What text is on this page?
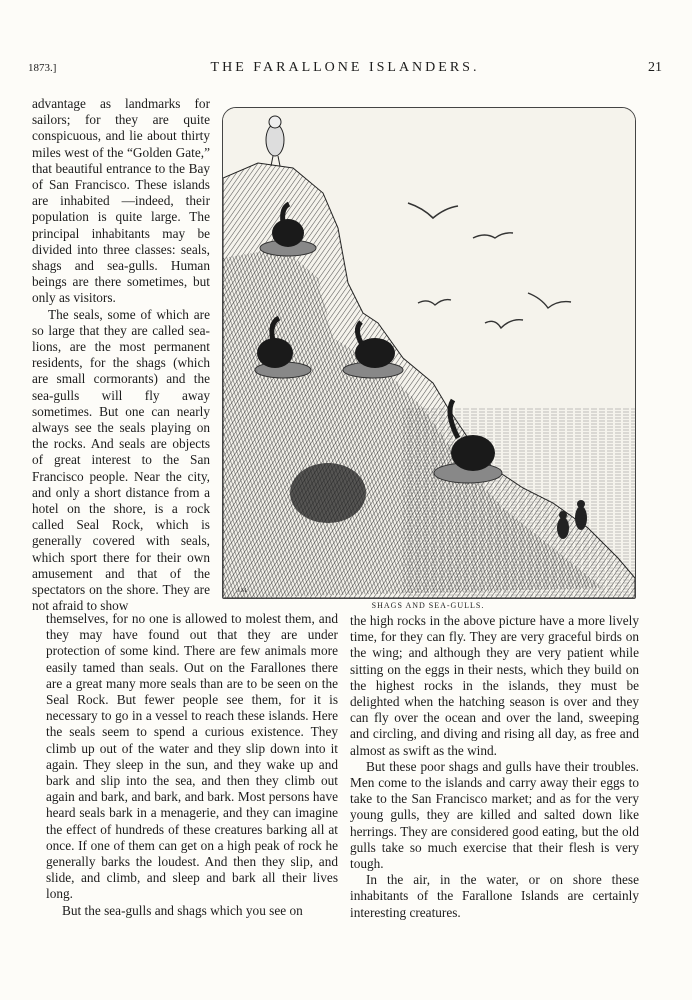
1873.]	THE FARALLONE ISLANDERS.	21

advantage as landmarks for sailors; for they are quite conspicuous, and lie about thirty miles west of the “Golden Gate,” that beautiful entrance to the Bay of San Francisco. These islands are inhabited —indeed, their population is quite large. The principal inhabitants may be divided into three classes: seals, shags and sea-gulls. Human beings are there sometimes, but only as visitors.

The seals, some of which are so large that they are called sea-lions, are the most permanent residents, for the shags (which are small cormorants) and the sea-gulls will fly away sometimes. But one can nearly always see the seals playing on the rocks. And seals are objects of great interest to the San Francisco people. Near the city, and only a short distance from a hotel on the shore, is a rock called Seal Rock, which is generally covered with seals, which sport there for their own amusement and that of the spectators on the shore. They are not afraid to show

J.M.
SHAGS AND SEA-GULLS.

themselves, for no one is allowed to molest them, and they may have found out that they are under protection of some kind. There are few animals more easily tamed than seals. Out on the Farallones there are a great many more seals than are to be seen on the Seal Rock. But fewer people see them, for it is necessary to go in a vessel to reach these islands. Here the seals seem to spend a curious existence. They climb up out of the water and they slip down into it again. They sleep in the sun, and they wake up and bark and slip into the sea, and then they climb out again and bark, and bark, and bark. Most persons have heard seals bark in a menagerie, and they can imagine the effect of hundreds of these creatures barking all at once. If one of them can get on a high peak of rock he generally barks the loudest. And then they slip, and slide, and climb, and sleep and bark all their lives long.

But the sea-gulls and shags which you see on

the high rocks in the above picture have a more lively time, for they can fly. They are very graceful birds on the wing; and although they are very patient while sitting on the eggs in their nests, which they build on the highest rocks in the islands, they must be delighted when the hatching season is over and they can fly over the ocean and over the land, sweeping and circling, and diving and rising all day, as free and almost as swift as the wind.

But these poor shags and gulls have their troubles. Men come to the islands and carry away their eggs to take to the San Francisco market; and as for the very young gulls, they are killed and salted down like herrings. They are considered good eating, but the old gulls take so much exercise that their flesh is very tough.

In the air, in the water, or on shore these inhabitants of the Farallone Islands are certainly interesting creatures.
